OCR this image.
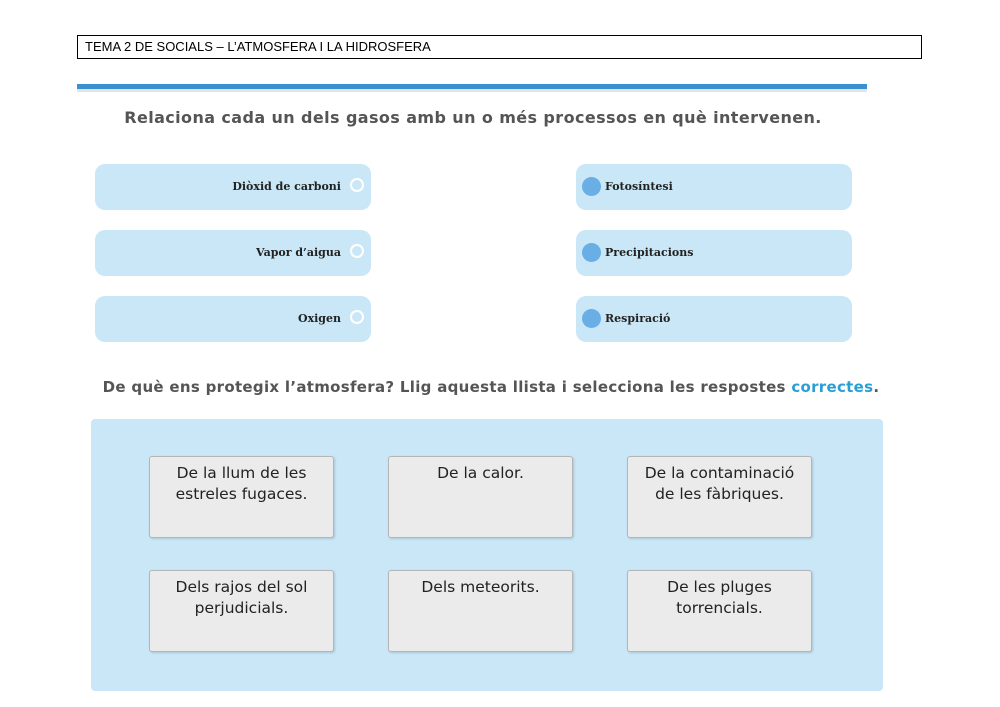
TEMA 2 DE SOCIALS – L’ATMOSFERA I LA HIDROSFERA
Relaciona cada un dels gasos amb un o més processos en què intervenen.
Diòxid de carboni
Vapor d’aigua
Oxigen
Fotosíntesi
Precipitacions
Respiració
De què ens protegix l’atmosfera? Llig aquesta llista i selecciona les respostes correctes.
De la llum de les estreles fugaces.
De la calor.	De la contaminació de les fàbriques.
Dels rajos del sol perjudicials.
Dels meteorits.	De les pluges torrencials.
